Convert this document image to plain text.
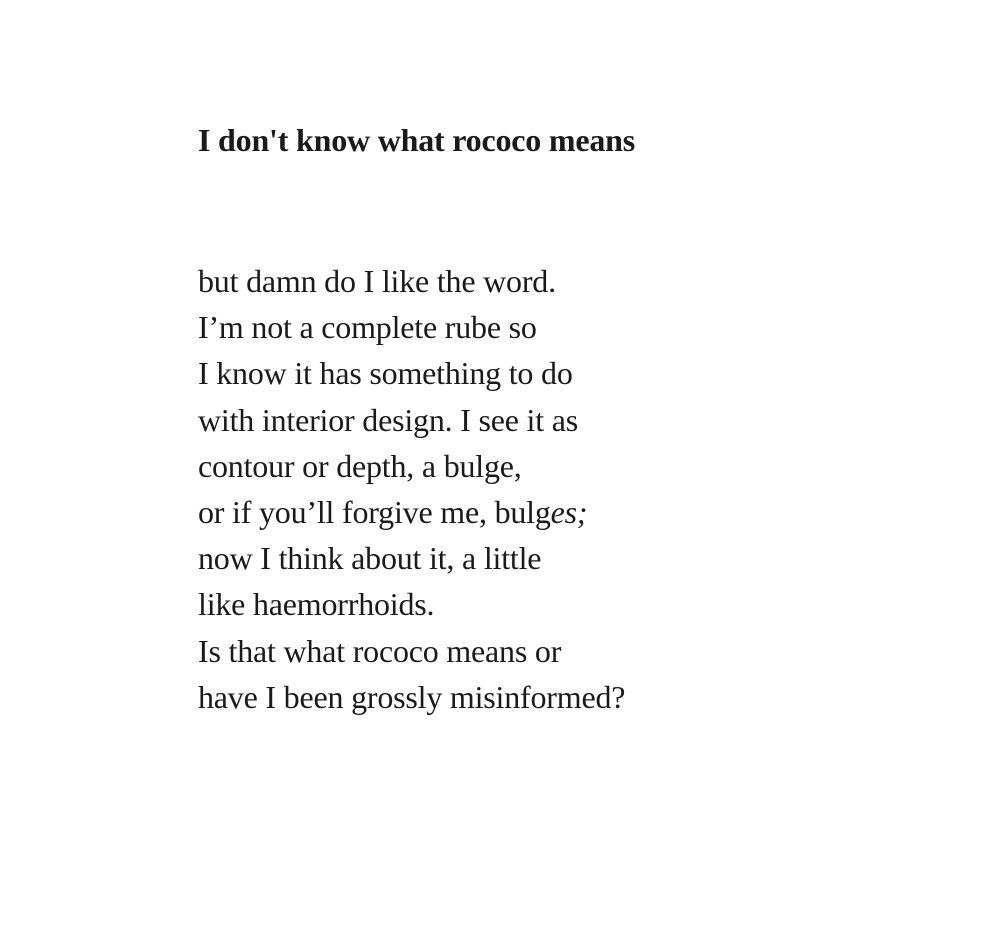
I don't know what rococo means
but damn do I like the word.
I’m not a complete rube so
I know it has something to do
with interior design. I see it as
contour or depth, a bulge,
or if you’ll forgive me, bulges;
now I think about it, a little
like haemorrhoids.
Is that what rococo means or
have I been grossly misinformed?
